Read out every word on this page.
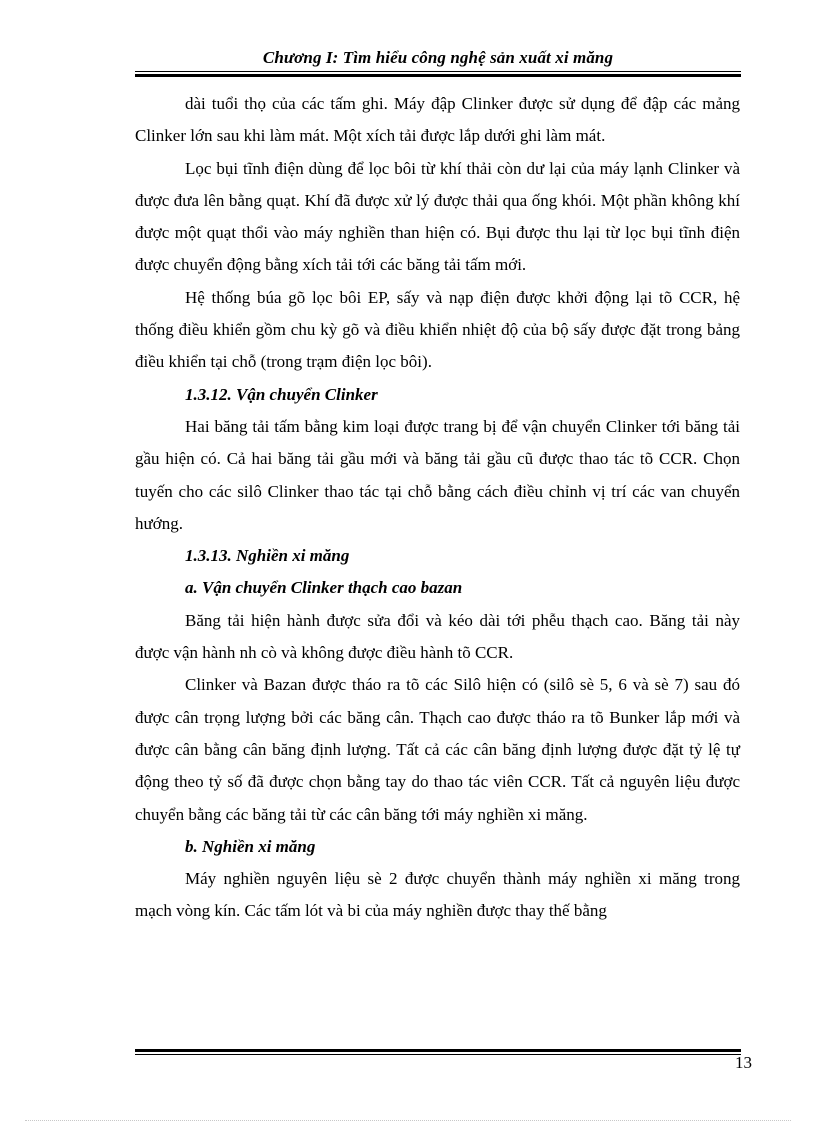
Chương I: Tìm hiểu công nghệ sản xuất xi măng

dài tuổi thọ của các tấm ghi. Máy đập Clinker được sử dụng để đập các mảng Clinker lớn sau khi làm mát. Một xích tải được lắp dưới ghi làm mát.

Lọc bụi tĩnh điện dùng để lọc bôi từ khí thải còn dư lại của máy lạnh Clinker và được đưa lên bằng quạt. Khí đã được xử lý được thải qua ống khói. Một phần không khí được một quạt thổi vào máy nghiền than hiện có. Bụi được thu lại từ lọc bụi tĩnh điện được chuyển động bằng xích tải tới các băng tải tấm mới.

Hệ thống búa gõ lọc bôi EP, sấy và nạp điện được khởi động lại tõ CCR, hệ thống điều khiển gồm chu kỳ gõ và điều khiển nhiệt độ của bộ sấy được đặt trong bảng điều khiển tại chỗ (trong trạm điện lọc bôi).

1.3.12. Vận chuyển Clinker

Hai băng tải tấm bằng kim loại được trang bị để vận chuyển Clinker tới băng tải gầu hiện có. Cả hai băng tải gầu mới và băng tải gầu cũ được thao tác tõ CCR. Chọn tuyến cho các silô Clinker thao tác tại chỗ bằng cách điều chỉnh vị trí các van chuyển hướng.

1.3.13. Nghiền xi măng
a. Vận chuyển Clinker thạch cao bazan

Băng tải hiện hành được sửa đổi và kéo dài tới phễu thạch cao. Băng tải này được vận hành nh cò và không được điều hành tõ CCR.

Clinker và Bazan được tháo ra tõ các Silô hiện có (silô sè 5, 6 và sè 7) sau đó được cân trọng lượng bởi các băng cân. Thạch cao được tháo ra tõ Bunker lắp mới và được cân bằng cân băng định lượng. Tất cả các cân băng định lượng được đặt tỷ lệ tự động theo tỷ số đã được chọn bằng tay do thao tác viên CCR. Tất cả nguyên liệu được chuyển bằng các băng tải từ các cân băng tới máy nghiền xi măng.

b. Nghiền xi măng

Máy nghiền nguyên liệu sè 2 được chuyển thành máy nghiền xi măng trong mạch vòng kín. Các tấm lót và bi của máy nghiền được thay thế bằng

13
